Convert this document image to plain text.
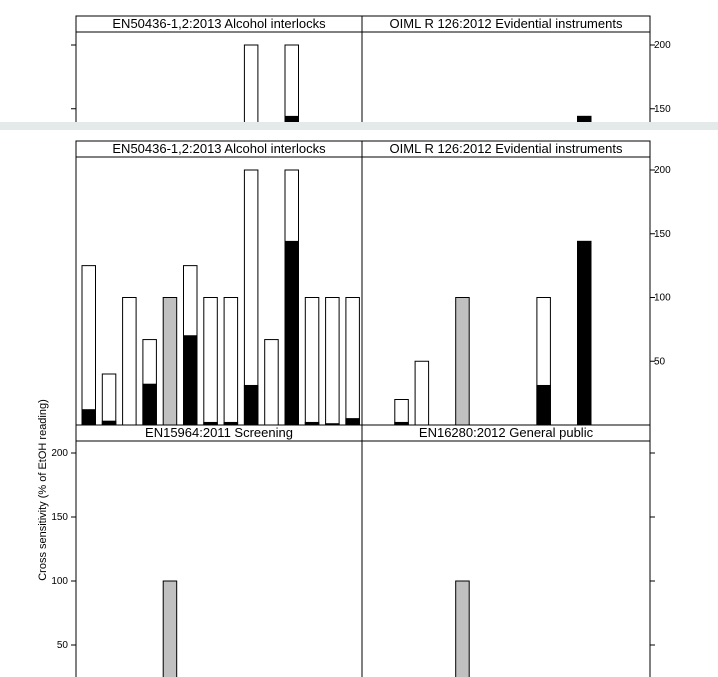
EN50436-1,2:2013 Alcohol interlocks	OIML R 126:2012 Evidential instruments
150
200
Cross sensitivity (% of EtOH reading)
EN50436-1,2:2013 Alcohol interlocks	OIML R 126:2012 Evidential instruments
50
100
150
200
EN15964:2011 Screening
50
100
150
200
EN16280:2012 General public
